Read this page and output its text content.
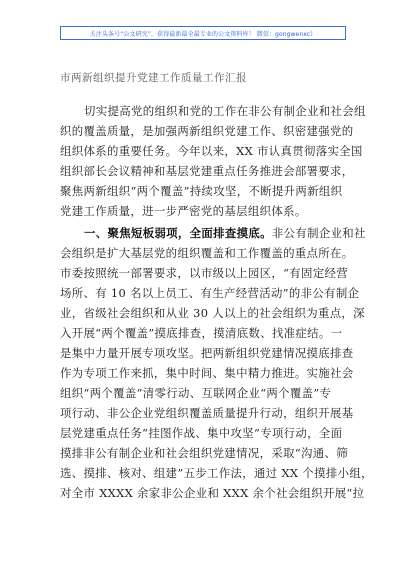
关注头条号“公文研究”，获得最新最全最专业的公文资料库！ 微信：gongwenxc）
市两新组织提升党建工作质量工作汇报
切实提高党的组织和党的工作在非公有制企业和社会组
织的覆盖质量，是加强两新组织党建工作、织密建强党的
组织体系的重要任务。今年以来，XX 市认真贯彻落实全国
组织部长会议精神和基层党建重点任务推进会部署要求，
聚焦两新组织“两个覆盖”持续攻坚，不断提升两新组织
党建工作质量，进一步严密党的基层组织体系。
一、聚焦短板弱项，全面排查摸底。非公有制企业和社
会组织是扩大基层党的组织覆盖和工作覆盖的重点所在。
市委按照统一部署要求，以市级以上园区，“有固定经营
场所、有 10 名以上员工、有生产经营活动”的非公有制企
业，省级社会组织和从业 30 人以上的社会组织为重点，深
入开展“两个覆盖”摸底排查，摸清底数、找准症结。一
是集中力量开展专项攻坚。把两新组织党建情况摸底排查
作为专项工作来抓，集中时间、集中精力推进。实施社会
组织“两个覆盖”清零行动、互联网企业“两个覆盖”专
项行动、非公企业党组织覆盖质量提升行动，组织开展基
层党建重点任务“挂图作战、集中攻坚”专项行动，全面
摸排非公有制企业和社会组织党建情况，采取“沟通、筛
选、摸排、核对、组建”五步工作法，通过 XX 个摸排小组，
对全市 XXXX 余家非公企业和 XXX 余个社会组织开展“拉
